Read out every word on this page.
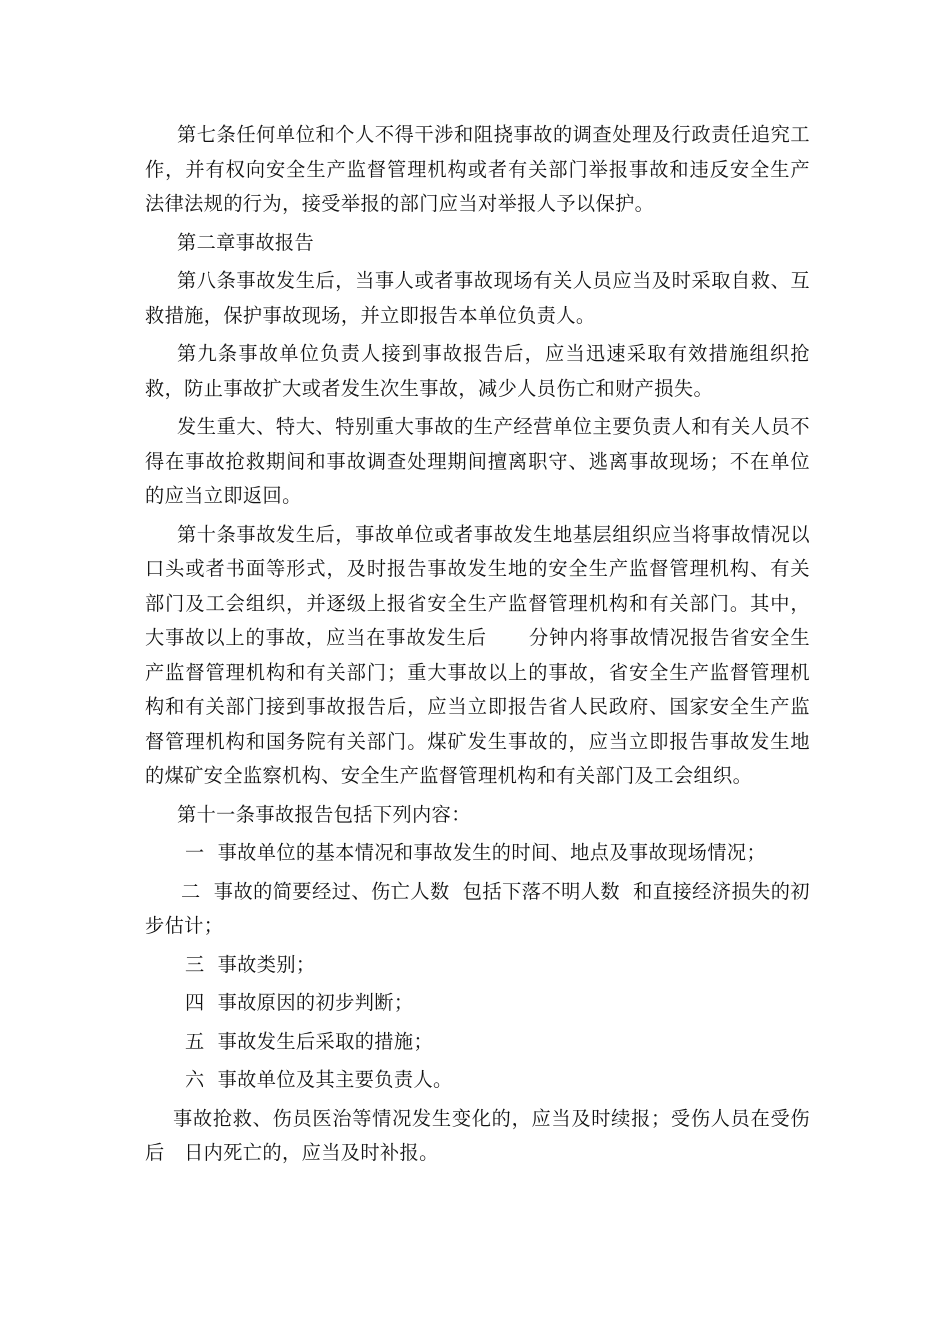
第七条任何单位和个人不得干涉和阻挠事故的调查处理及行政责任追究工作，并有权向安全生产监督管理机构或者有关部门举报事故和违反安全生产法律法规的行为，接受举报的部门应当对举报人予以保护。

第二章事故报告

第八条事故发生后，当事人或者事故现场有关人员应当及时采取自救、互救措施，保护事故现场，并立即报告本单位负责人。

第九条事故单位负责人接到事故报告后，应当迅速采取有效措施组织抢救，防止事故扩大或者发生次生事故，减少人员伤亡和财产损失。

发生重大、特大、特别重大事故的生产经营单位主要负责人和有关人员不得在事故抢救期间和事故调查处理期间擅离职守、逃离事故现场；不在单位的应当立即返回。

第十条事故发生后，事故单位或者事故发生地基层组织应当将事故情况以口头或者书面等形式，及时报告事故发生地的安全生产监督管理机构、有关部门及工会组织，并逐级上报省安全生产监督管理机构和有关部门。其中，大事故以上的事故，应当在事故发生后      分钟内将事故情况报告省安全生产监督管理机构和有关部门；重大事故以上的事故，省安全生产监督管理机构和有关部门接到事故报告后，应当立即报告省人民政府、国家安全生产监督管理机构和国务院有关部门。煤矿发生事故的，应当立即报告事故发生地的煤矿安全监察机构、安全生产监督管理机构和有关部门及工会组织。

第十一条事故报告包括下列内容：

一  事故单位的基本情况和事故发生的时间、地点及事故现场情况；

二  事故的简要经过、伤亡人数  包括下落不明人数  和直接经济损失的初步估计；

三  事故类别；

四  事故原因的初步判断；

五  事故发生后采取的措施；

六  事故单位及其主要负责人。

事故抢救、伤员医治等情况发生变化的，应当及时续报；受伤人员在受伤后   日内死亡的，应当及时补报。
